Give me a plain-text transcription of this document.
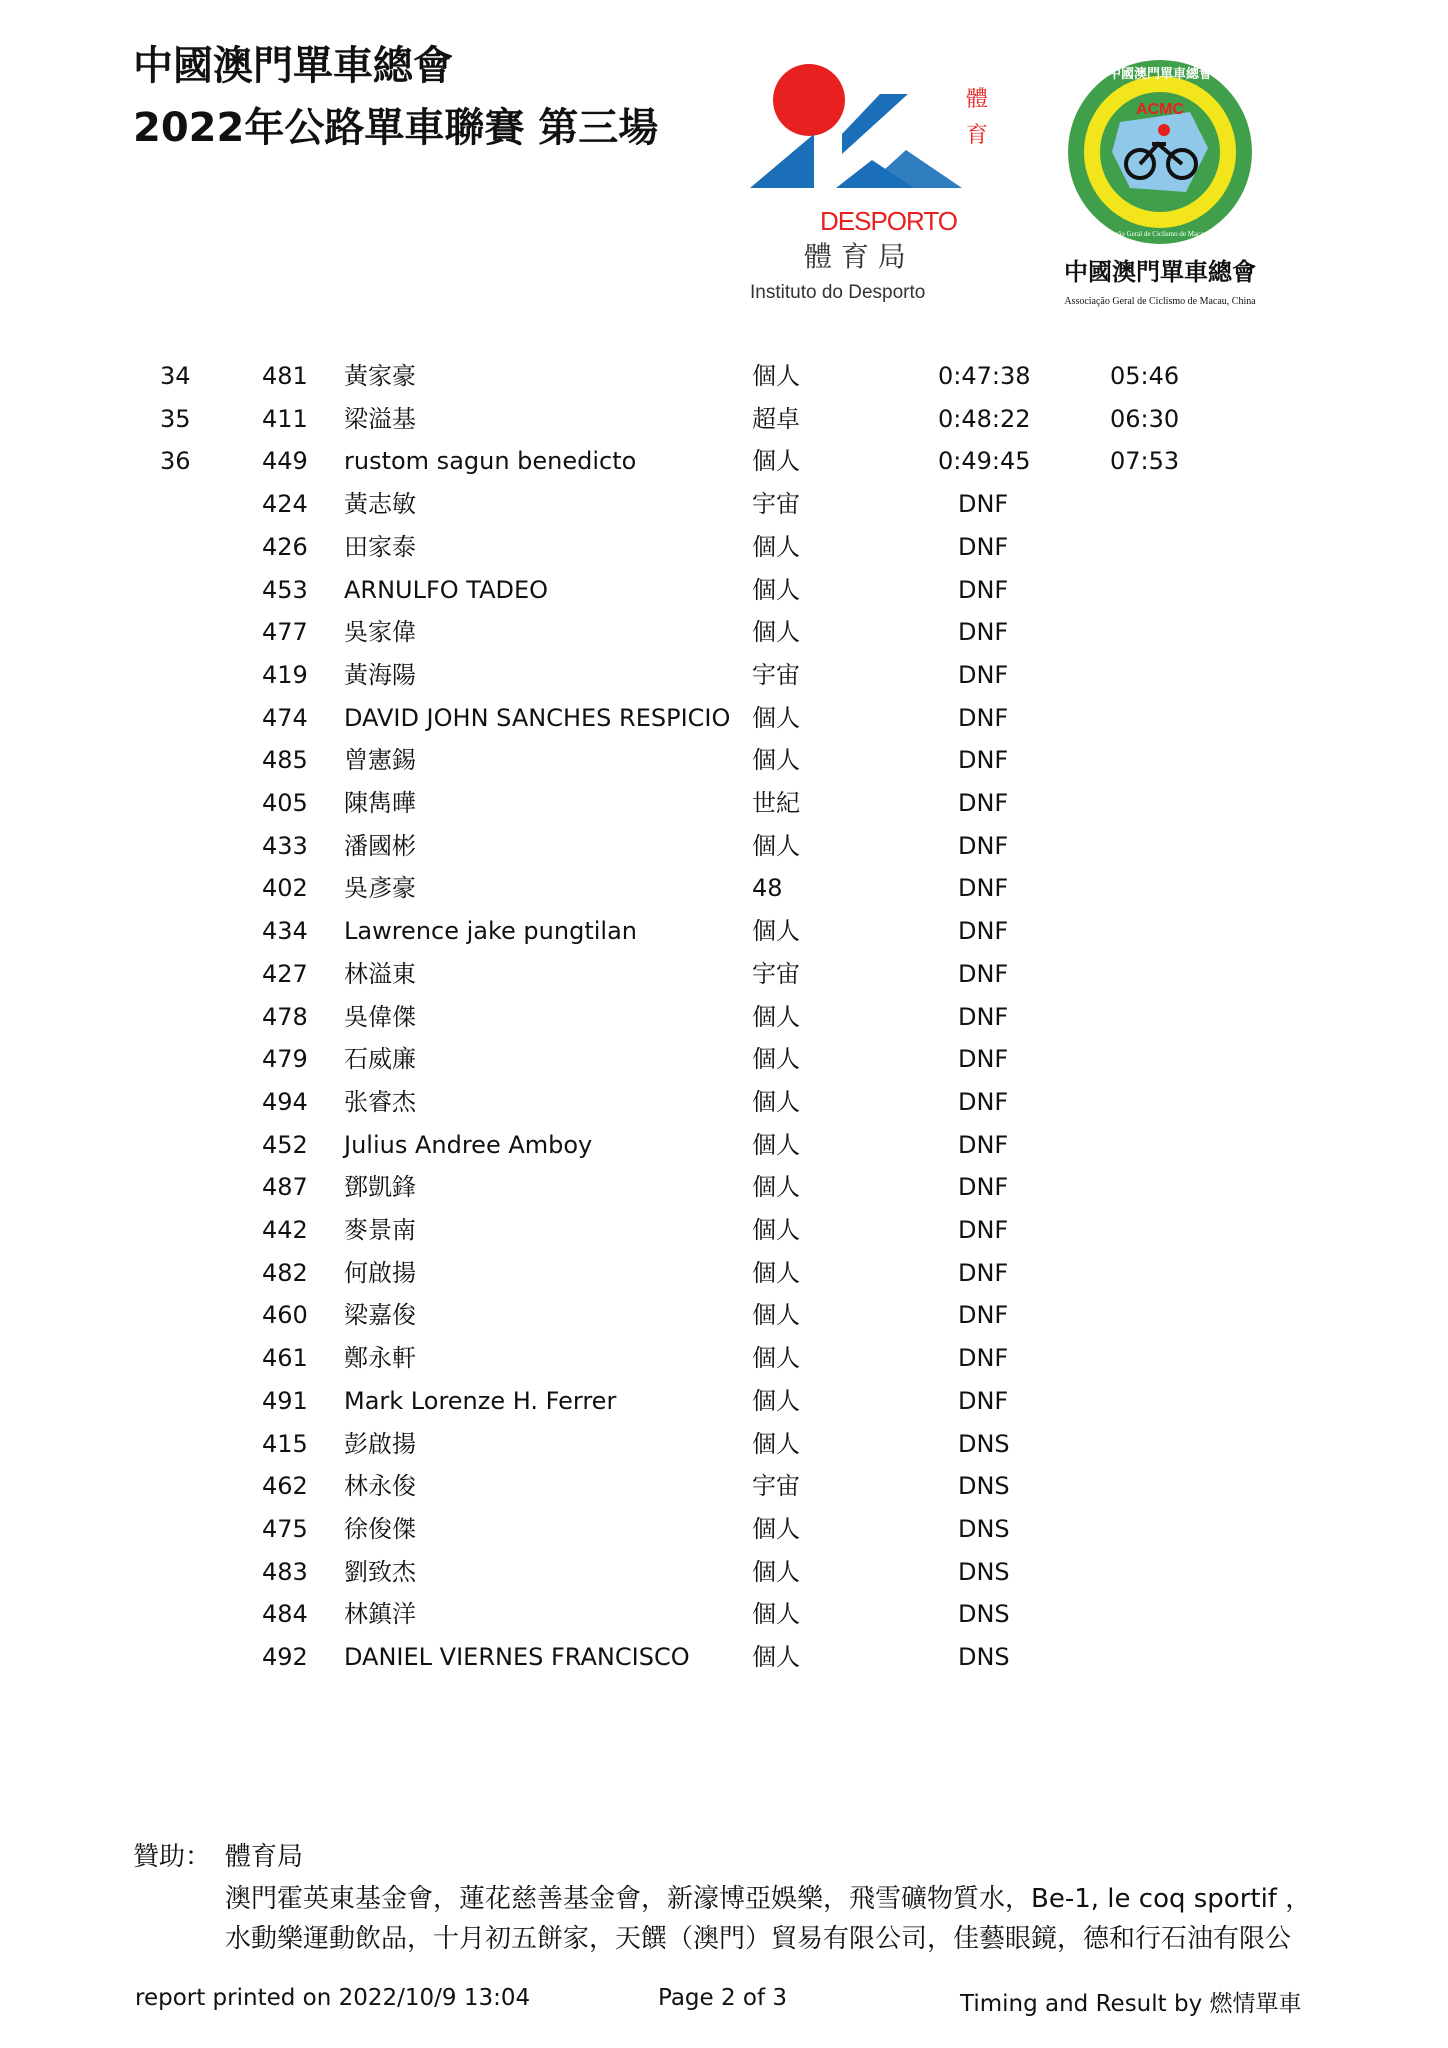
中國澳門單車總會
2022年公路單車聯賽 第三場
體
育
DESPORTO
體 育 局
Instituto do Desporto
ACMC
中國澳門單車總會
Associação Geral de Ciclismo de Macau, China
中國澳門單車總會
Associação Geral de Ciclismo de Macau, China
34	481 黃家豪	個人	0:47:38	05:46
35	411 梁溢基	超卓	0:48:22	06:30
36	449 rustom sagun benedicto	個人	0:49:45	07:53
424 黃志敏	宇宙	DNF
426 田家泰	個人	DNF
453 ARNULFO TADEO	個人	DNF
477 吳家偉	個人	DNF
419 黃海陽	宇宙	DNF
474 DAVID JOHN SANCHES RESPICIO 個人	DNF
485 曾憲錫	個人	DNF
405 陳雋曄	世紀	DNF
433 潘國彬	個人	DNF
402 吳彥豪	48	DNF
434 Lawrence jake pungtilan	個人	DNF
427 林溢東	宇宙	DNF
478 吳偉傑	個人	DNF
479 石威廉	個人	DNF
494 张睿杰	個人	DNF
452 Julius Andree Amboy	個人	DNF
487 鄧凱鋒	個人	DNF
442 麥景南	個人	DNF
482 何啟揚	個人	DNF
460 梁嘉俊	個人	DNF
461 鄭永軒	個人	DNF
491 Mark Lorenze H. Ferrer	個人	DNF
415 彭啟揚	個人	DNS
462 林永俊	宇宙	DNS
475 徐俊傑	個人	DNS
483 劉致杰	個人	DNS
484 林鎮洋	個人	DNS
492 DANIEL VIERNES FRANCISCO	個人	DNS
贊助： 體育局
澳門霍英東基金會，蓮花慈善基金會，新濠博亞娛樂，飛雪礦物質水，Be-1, le coq sportif ，
水動樂運動飲品，十月初五餅家，天饌（澳門）貿易有限公司，佳藝眼鏡，德和行石油有限公
report printed on 2022/10/9 13:04	Page 2 of 3	Timing and Result by 燃情單車
